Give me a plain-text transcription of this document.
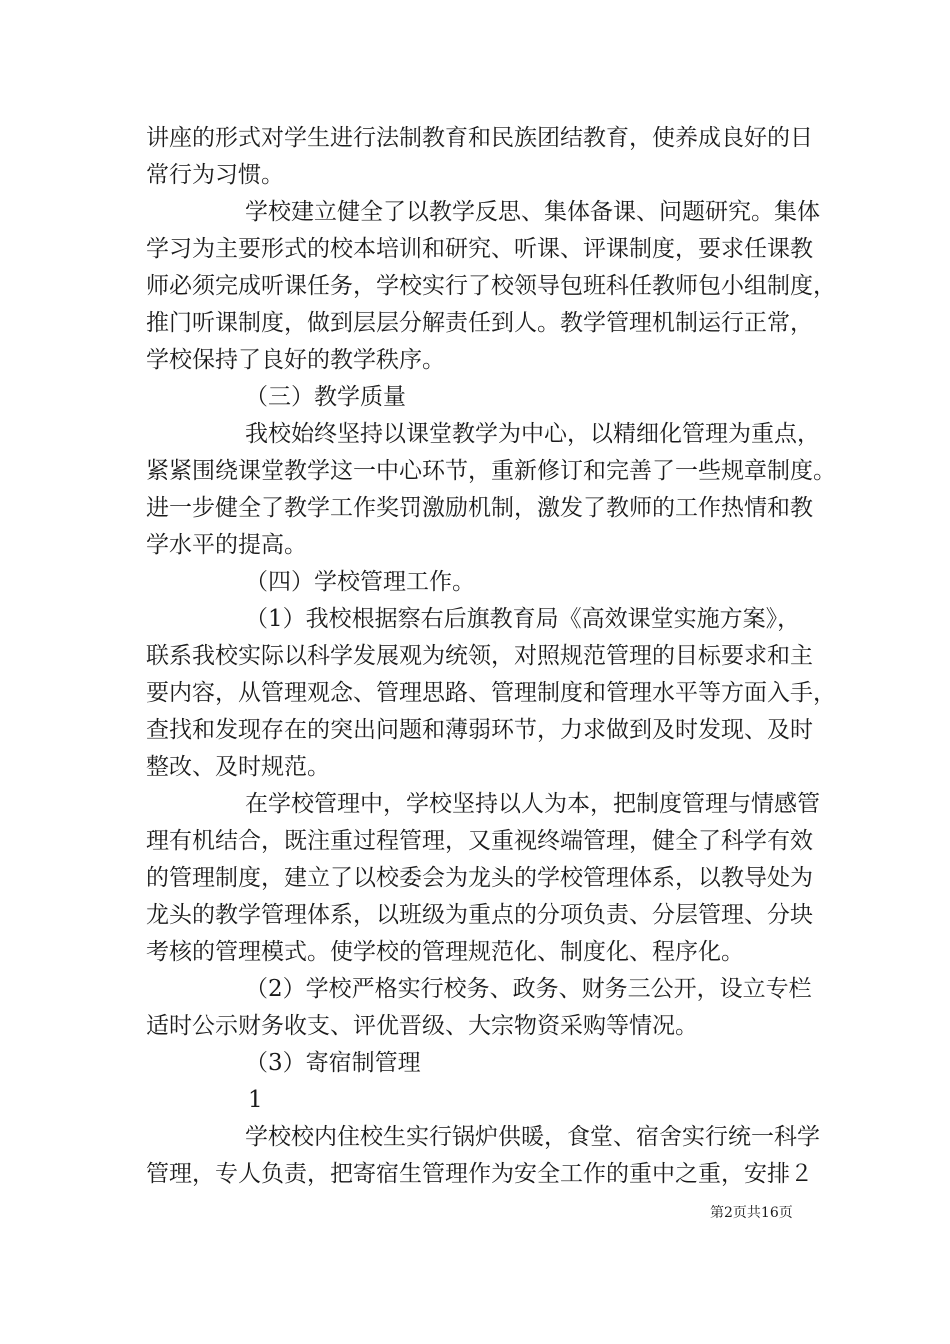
讲座的形式对学生进行法制教育和民族团结教育，使养成良好的日
常行为习惯。
学校建立健全了以教学反思、集体备课、问题研究。集体
学习为主要形式的校本培训和研究、听课、评课制度，要求任课教
师必须完成听课任务，学校实行了校领导包班科任教师包小组制度，
推门听课制度，做到层层分解责任到人。教学管理机制运行正常，
学校保持了良好的教学秩序。
（三）教学质量
我校始终坚持以课堂教学为中心，以精细化管理为重点，
紧紧围绕课堂教学这一中心环节，重新修订和完善了一些规章制度。
进一步健全了教学工作奖罚激励机制，激发了教师的工作热情和教
学水平的提高。
（四）学校管理工作。
（1）我校根据察右后旗教育局《高效课堂实施方案》，
联系我校实际以科学发展观为统领，对照规范管理的目标要求和主
要内容，从管理观念、管理思路、管理制度和管理水平等方面入手，
查找和发现存在的突出问题和薄弱环节，力求做到及时发现、及时
整改、及时规范。
在学校管理中，学校坚持以人为本，把制度管理与情感管
理有机结合，既注重过程管理，又重视终端管理，健全了科学有效
的管理制度，建立了以校委会为龙头的学校管理体系，以教导处为
龙头的教学管理体系，以班级为重点的分项负责、分层管理、分块
考核的管理模式。使学校的管理规范化、制度化、程序化。
（2）学校严格实行校务、政务、财务三公开，设立专栏
适时公示财务收支、评优晋级、大宗物资采购等情况。
（3）寄宿制管理
1
学校校内住校生实行锅炉供暖，食堂、宿舍实行统一科学
管理，专人负责，把寄宿生管理作为安全工作的重中之重，安排２
第2页共16页
